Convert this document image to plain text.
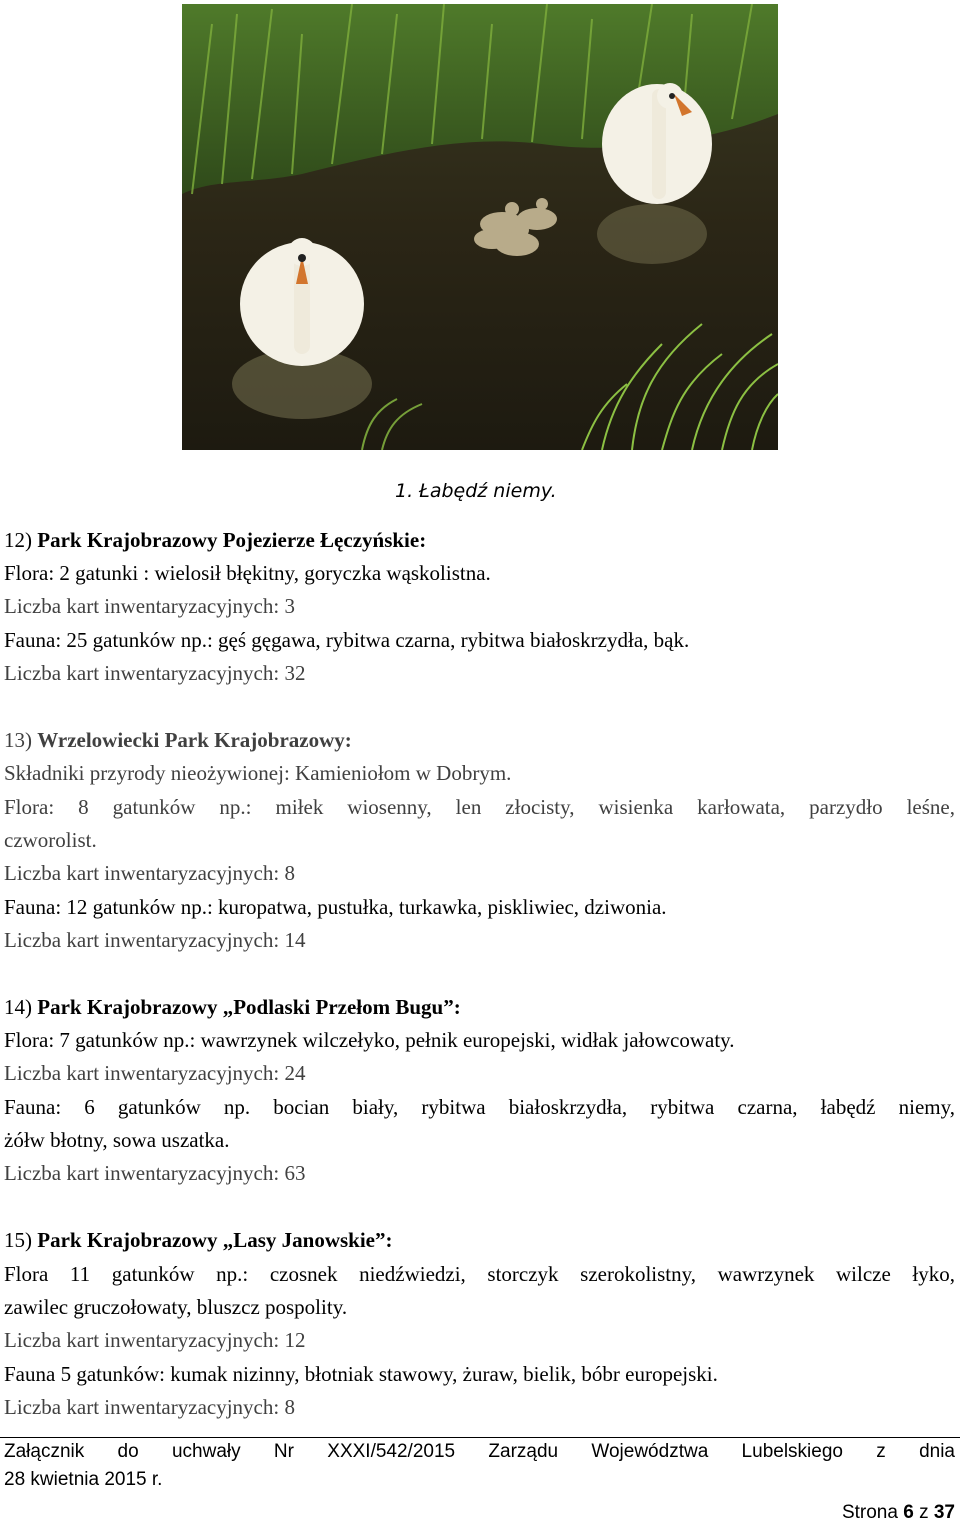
1. Łabędź niemy.
12) Park Krajobrazowy Pojezierze Łęczyńskie:
Flora: 2 gatunki : wielosił błękitny, goryczka wąskolistna.
Liczba kart inwentaryzacyjnych: 3
Fauna: 25 gatunków np.: gęś gęgawa, rybitwa czarna, rybitwa białoskrzydła, bąk.
Liczba kart inwentaryzacyjnych: 32
13) Wrzelowiecki Park Krajobrazowy:
Składniki przyrody nieożywionej: Kamieniołom w Dobrym.
Flora: 8 gatunków np.: miłek wiosenny, len złocisty, wisienka karłowata, parzydło leśne,
czworolist.
Liczba kart inwentaryzacyjnych: 8
Fauna: 12 gatunków np.: kuropatwa, pustułka, turkawka, piskliwiec, dziwonia.
Liczba kart inwentaryzacyjnych: 14
14) Park Krajobrazowy „Podlaski Przełom Bugu”:
Flora: 7 gatunków np.: wawrzynek wilczełyko, pełnik europejski, widłak jałowcowaty.
Liczba kart inwentaryzacyjnych: 24
Fauna: 6 gatunków np. bocian biały, rybitwa białoskrzydła, rybitwa czarna, łabędź niemy,
żółw błotny, sowa uszatka.
Liczba kart inwentaryzacyjnych: 63
15) Park Krajobrazowy „Lasy Janowskie”:
Flora 11 gatunków np.: czosnek niedźwiedzi, storczyk szerokolistny, wawrzynek wilcze łyko,
zawilec gruczołowaty, bluszcz pospolity.
Liczba kart inwentaryzacyjnych: 12
Fauna 5 gatunków: kumak nizinny, błotniak stawowy, żuraw, bielik, bóbr europejski.
Liczba kart inwentaryzacyjnych: 8
Załącznik do uchwały Nr XXXI/542/2015 Zarządu Województwa Lubelskiego z dnia
28 kwietnia 2015 r.
Strona 6 z 37
